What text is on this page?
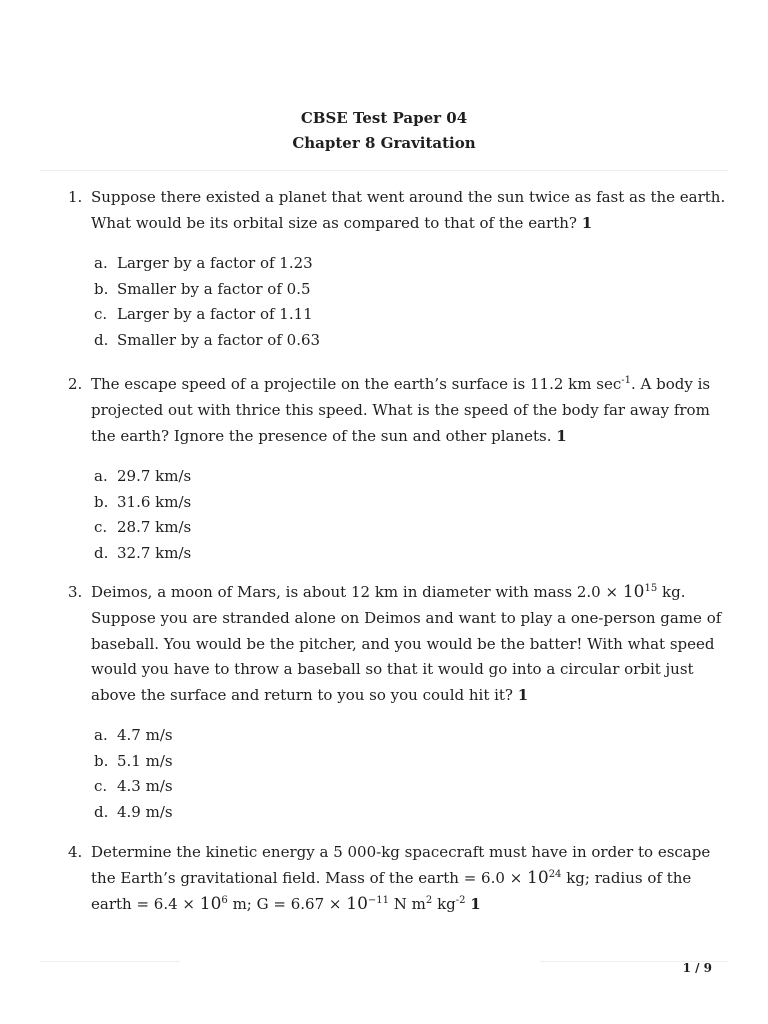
CBSE Test Paper 04
Chapter 8 Gravitation
1. Suppose there existed a planet that went around the sun twice as fast as the earth. What would be its orbital size as compared to that of the earth? 1
a. Larger by a factor of 1.23
b. Smaller by a factor of 0.5
c. Larger by a factor of 1.11
d. Smaller by a factor of 0.63
2. The escape speed of a projectile on the earth’s surface is 11.2 km $\sec^{-1}$. A body is projected out with thrice this speed. What is the speed of the body far away from the earth? Ignore the presence of the sun and other planets. 1
a. 29.7 km/s
b. 31.6 km/s
c. 28.7 km/s
d. 32.7 km/s
3. Deimos, a moon of Mars, is about 12 km in diameter with mass $2.0 \times 10^{15}$ kg. Suppose you are stranded alone on Deimos and want to play a one-person game of baseball. You would be the pitcher, and you would be the batter! With what speed would you have to throw a baseball so that it would go into a circular orbit just above the surface and return to you so you could hit it? 1
a. 4.7 m/s
b. 5.1 m/s
c. 4.3 m/s
d. 4.9 m/s
4. Determine the kinetic energy a 5 000-kg spacecraft must have in order to escape the Earth’s gravitational field. Mass of the earth = $6.0 \times 10^{24}$ kg; radius of the earth = $6.4 \times 10^6$ m; $G = 6.67 \times 10^{-11}$ N $m^2$ $kg^{-2}$ 1
1 / 9
